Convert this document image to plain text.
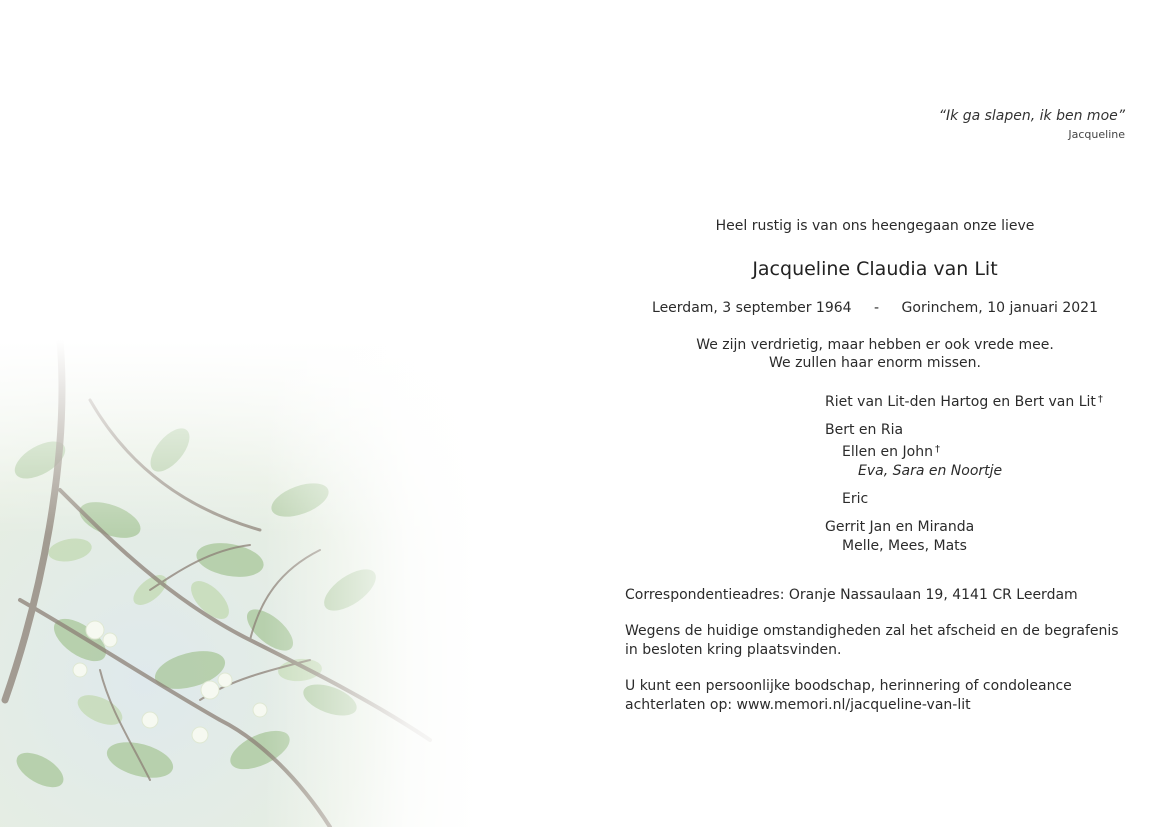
“Ik ga slapen, ik ben moe”
Jacqueline
Heel rustig is van ons heengegaan onze lieve
Jacqueline Claudia van Lit
Leerdam, 3 september 1964	-	Gorinchem, 10 januari 2021
We zijn verdrietig, maar hebben er ook vrede mee.
We zullen haar enorm missen.
Riet van Lit-den Hartog en Bert van Lit †
Bert en Ria
Ellen en John †
Eva, Sara en Noortje
Eric
Gerrit Jan en Miranda
Melle, Mees, Mats
Correspondentieadres: Oranje Nassaulaan 19, 4141 CR Leerdam
Wegens de huidige omstandigheden zal het afscheid en de begrafenis
in besloten kring plaatsvinden.
U kunt een persoonlijke boodschap, herinnering of condoleance
achterlaten op: www.memori.nl/jacqueline-van-lit
